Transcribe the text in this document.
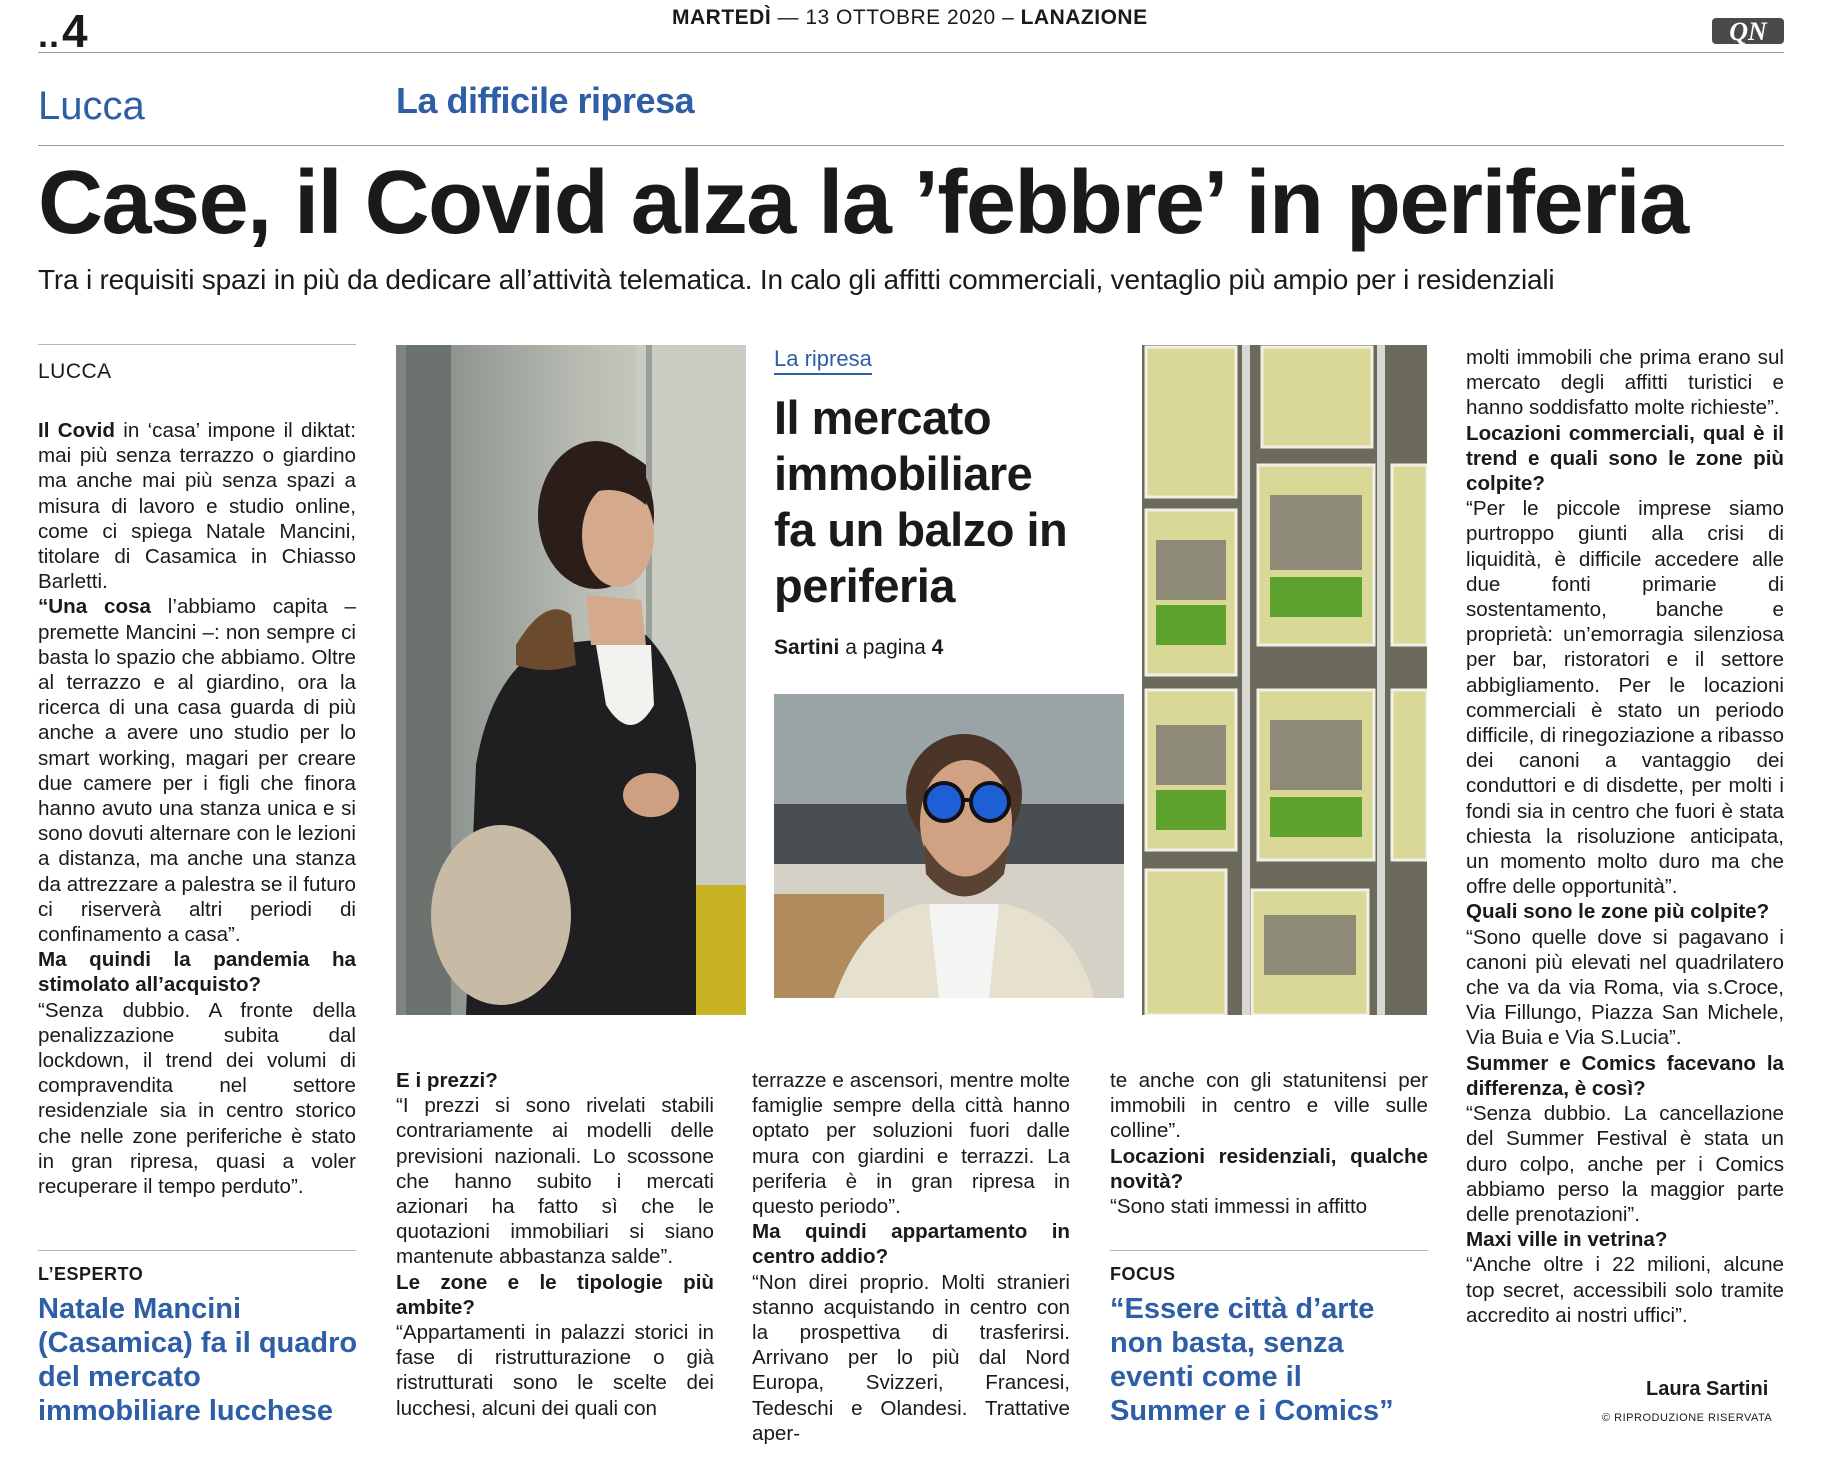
..4	MARTEDÌ — 13 OTTOBRE 2020 – LANAZIONE	QN
Lucca	La difficile ripresa
Case, il Covid alza la ’febbre’ in periferia
Tra i requisiti spazi in più da dedicare all’attività telematica. In calo gli affitti commerciali, ventaglio più ampio per i residenziali
LUCCA

Il Covid in ‘casa’ impone il diktat: mai più senza terrazzo o giardino ma anche mai più senza spazi a misura di lavoro e studio online, come ci spiega Natale Mancini, titolare di Casamica in Chiasso Barletti.

“Una cosa l’abbiamo capita – premette Mancini –: non sempre ci basta lo spazio che abbiamo. Oltre al terrazzo e al giardino, ora la ricerca di una casa guarda di più anche a avere uno studio per lo smart working, magari per creare due camere per i figli che finora hanno avuto una stanza unica e si sono dovuti alternare con le lezioni a distanza, ma anche una stanza da attrezzare a palestra se il futuro ci riserverà altri periodi di confinamento a casa”.

Ma quindi la pandemia ha stimolato all’acquisto?

“Senza dubbio. A fronte della penalizzazione subita dal lockdown, il trend dei volumi di compravendita nel settore residenziale sia in centro storico che nelle zone periferiche è stato in gran ripresa, quasi a voler recuperare il tempo perduto”.

L’ESPERTO
Natale Mancini (Casamica) fa il quadro del mercato immobiliare lucchese

E i prezzi?

“I prezzi si sono rivelati stabili contrariamente ai modelli delle previsioni nazionali. Lo scossone che hanno subito i mercati azionari ha fatto sì che le quotazioni immobiliari si siano mantenute abbastanza salde”.

Le zone e le tipologie più ambite?

“Appartamenti in palazzi storici in fase di ristrutturazione o già ristrutturati sono le scelte dei lucchesi, alcuni dei quali con

La ripresa
Il mercato immobiliare fa un balzo in periferia
Sartini a pagina 4

terrazze e ascensori, mentre molte famiglie sempre della città hanno optato per soluzioni fuori dalle mura con giardini e terrazzi. La periferia è in gran ripresa in questo periodo”.

Ma quindi appartamento in centro addio?

“Non direi proprio. Molti stranieri stanno acquistando in centro con la prospettiva di trasferirsi. Arrivano per lo più dal Nord Europa, Svizzeri, Francesi, Tedeschi e Olandesi. Trattative aper-

te anche con gli statunitensi per immobili in centro e ville sulle colline”.

Locazioni residenziali, qualche novità?

“Sono stati immessi in affitto

FOCUS
“Essere città d’arte non basta, senza eventi come il Summer e i Comics”

molti immobili che prima erano sul mercato degli affitti turistici e hanno soddisfatto molte richieste”.

Locazioni commerciali, qual è il trend e quali sono le zone più colpite?

“Per le piccole imprese siamo purtroppo giunti alla crisi di liquidità, è difficile accedere alle due fonti primarie di sostentamento, banche e proprietà: un’emorragia silenziosa per bar, ristoratori e il settore abbigliamento. Per le locazioni commerciali è stato un periodo difficile, di rinegoziazione a ribasso dei canoni a vantaggio dei conduttori e di disdette, per molti i fondi sia in centro che fuori è stata chiesta la risoluzione anticipata, un momento molto duro ma che offre delle opportunità”.

Quali sono le zone più colpite?

“Sono quelle dove si pagavano i canoni più elevati nel quadrilatero che va da via Roma, via s.Croce, Via Fillungo, Piazza San Michele, Via Buia e Via S.Lucia”.

Summer e Comics facevano la differenza, è così?

“Senza dubbio. La cancellazione del Summer Festival è stata un duro colpo, anche per i Comics abbiamo perso la maggior parte delle prenotazioni”.

Maxi ville in vetrina?

“Anche oltre i 22 milioni, alcune top secret, accessibili solo tramite accredito ai nostri uffici”.

Laura Sartini
© RIPRODUZIONE RISERVATA
